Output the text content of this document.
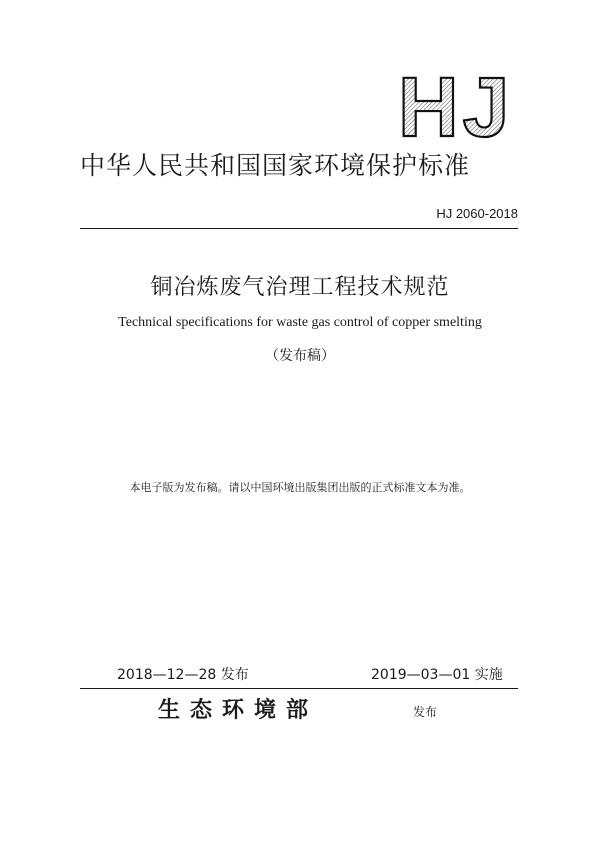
HJ
中华人民共和国国家环境保护标准
HJ 2060-2018
铜冶炼废气治理工程技术规范
Technical specifications for waste gas control of copper smelting
（发布稿）
本电子版为发布稿。请以中国环境出版集团出版的正式标准文本为准。
2018—12—28 发布	2019—03—01 实施
生态环境部	发布
